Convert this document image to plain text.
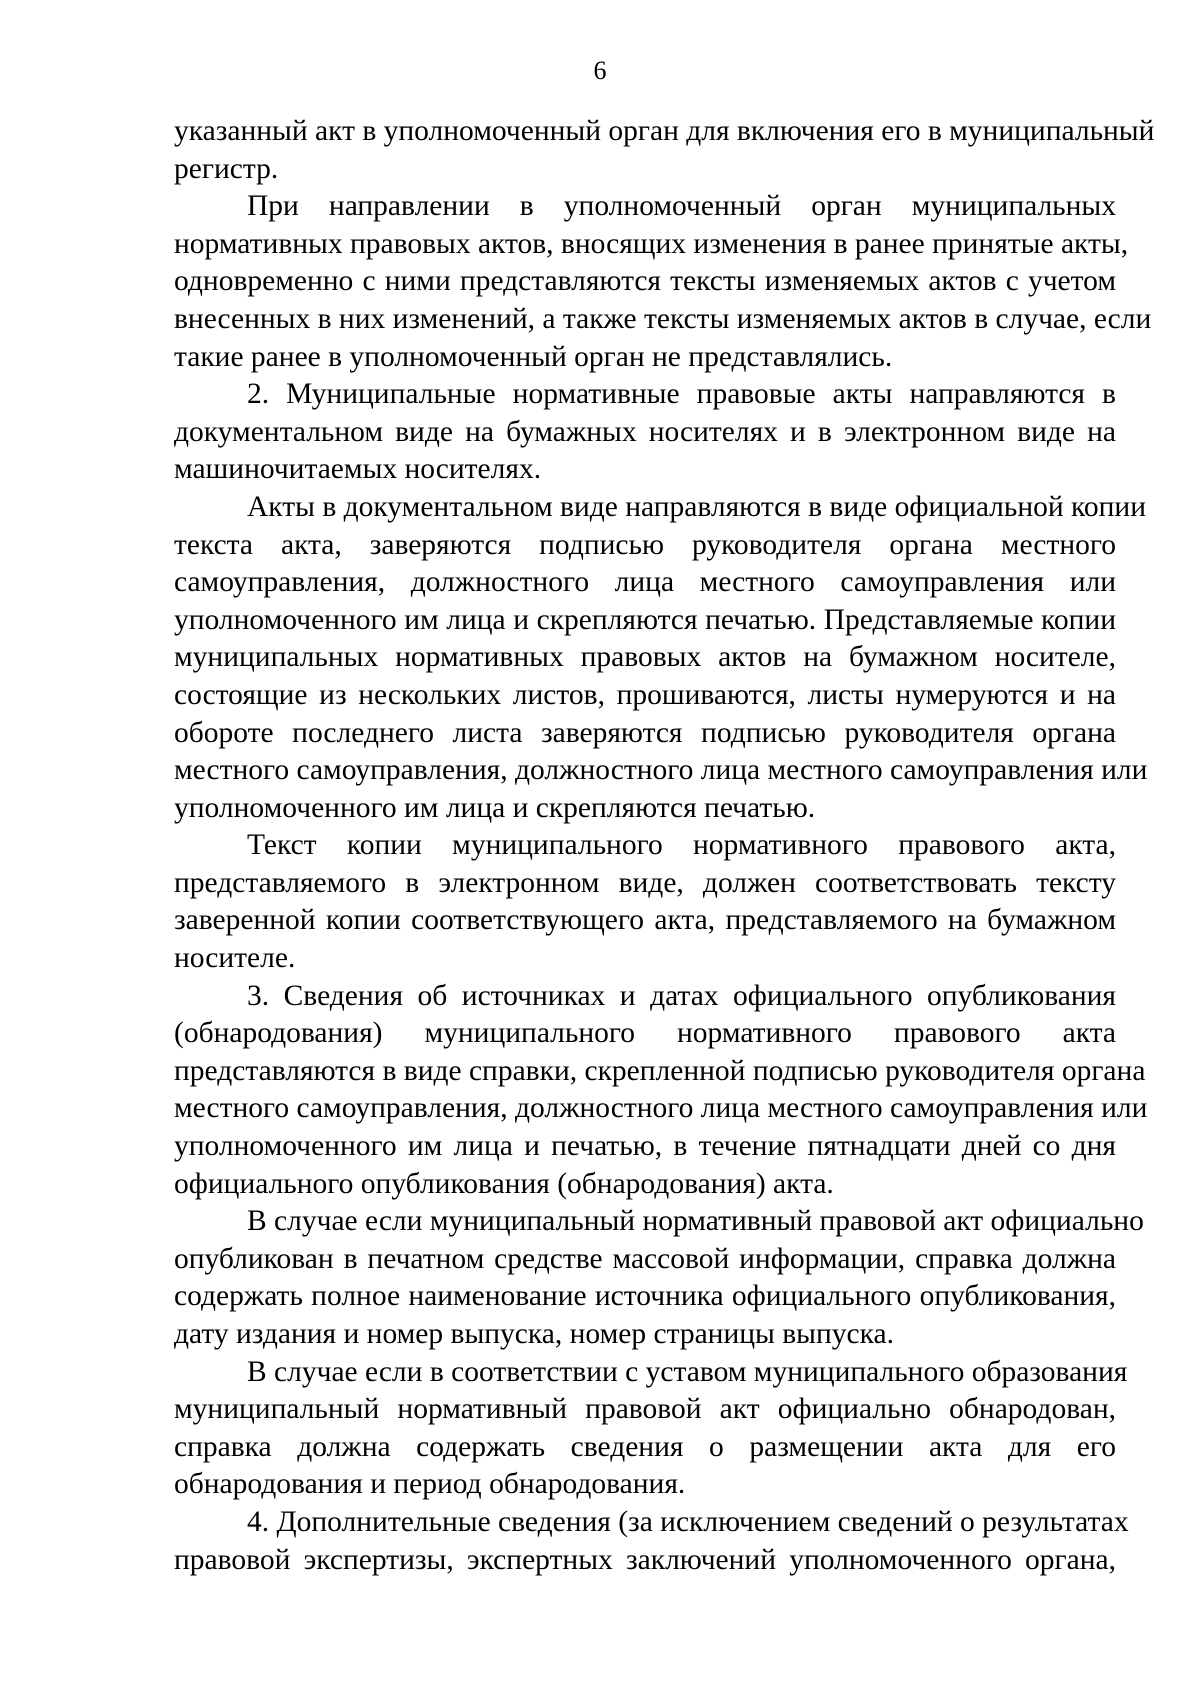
6
указанный акт в уполномоченный орган для включения его в муниципальный
регистр.
При направлении в уполномоченный орган муниципальных
нормативных правовых актов, вносящих изменения в ранее принятые акты,
одновременно с ними представляются тексты изменяемых актов с учетом
внесенных в них изменений, а также тексты изменяемых актов в случае, если
такие ранее в уполномоченный орган не представлялись.
2. Муниципальные нормативные правовые акты направляются в
документальном виде на бумажных носителях и в электронном виде на
машиночитаемых носителях.
Акты в документальном виде направляются в виде официальной копии
текста акта, заверяются подписью руководителя органа местного
самоуправления, должностного лица местного самоуправления или
уполномоченного им лица и скрепляются печатью. Представляемые копии
муниципальных нормативных правовых актов на бумажном носителе,
состоящие из нескольких листов, прошиваются, листы нумеруются и на
обороте последнего листа заверяются подписью руководителя органа
местного самоуправления, должностного лица местного самоуправления или
уполномоченного им лица и скрепляются печатью.
Текст копии муниципального нормативного правового акта,
представляемого в электронном виде, должен соответствовать тексту
заверенной копии соответствующего акта, представляемого на бумажном
носителе.
3. Сведения об источниках и датах официального опубликования
(обнародования) муниципального нормативного правового акта
представляются в виде справки, скрепленной подписью руководителя органа
местного самоуправления, должностного лица местного самоуправления или
уполномоченного им лица и печатью, в течение пятнадцати дней со дня
официального опубликования (обнародования) акта.
В случае если муниципальный нормативный правовой акт официально
опубликован в печатном средстве массовой информации, справка должна
содержать полное наименование источника официального опубликования,
дату издания и номер выпуска, номер страницы выпуска.
В случае если в соответствии с уставом муниципального образования
муниципальный нормативный правовой акт официально обнародован,
справка должна содержать сведения о размещении акта для его
обнародования и период обнародования.
4. Дополнительные сведения (за исключением сведений о результатах
правовой экспертизы, экспертных заключений уполномоченного органа,
